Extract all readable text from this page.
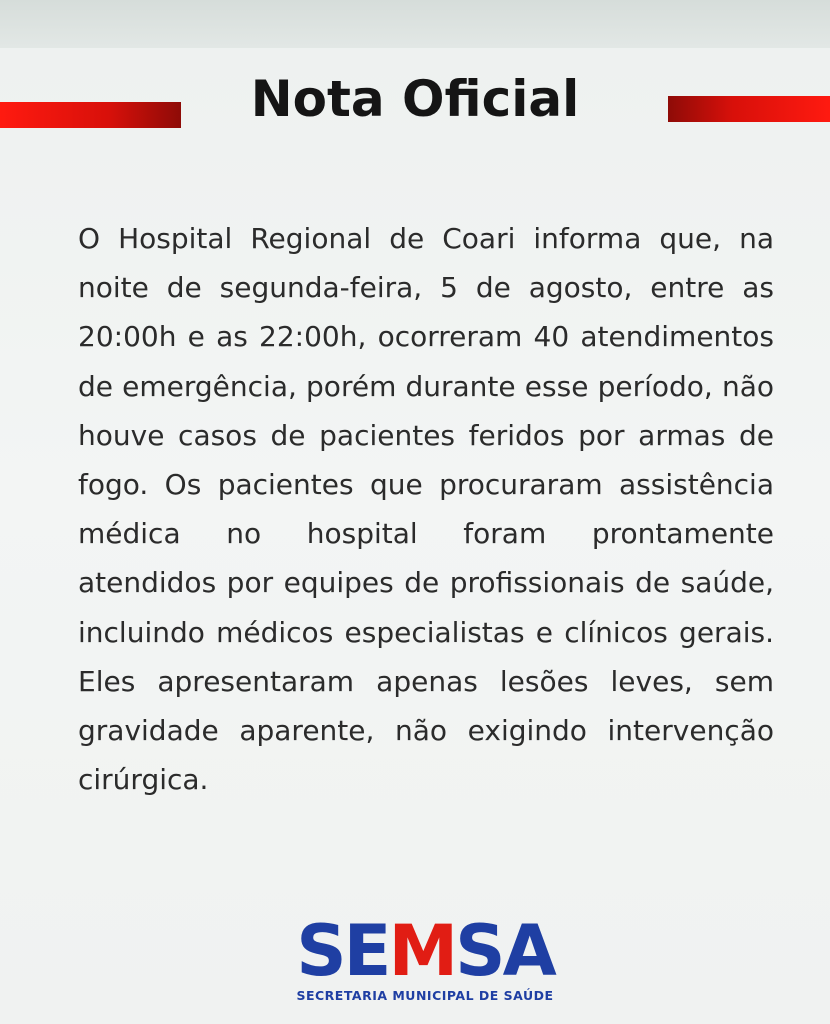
Nota Oficial

O Hospital Regional de Coari informa que, na noite de segunda-feira, 5 de agosto, entre as 20:00h e as 22:00h, ocorreram 40 atendimentos de emergência, porém durante esse período, não houve casos de pacientes feridos por armas de fogo. Os pacientes que procuraram assistência médica no hospital foram prontamente atendidos por equipes de profissionais de saúde, incluindo médicos especialistas e clínicos gerais. Eles apresentaram apenas lesões leves, sem gravidade aparente, não exigindo intervenção cirúrgica.

SEMSA
SECRETARIA MUNICIPAL DE SAÚDE
